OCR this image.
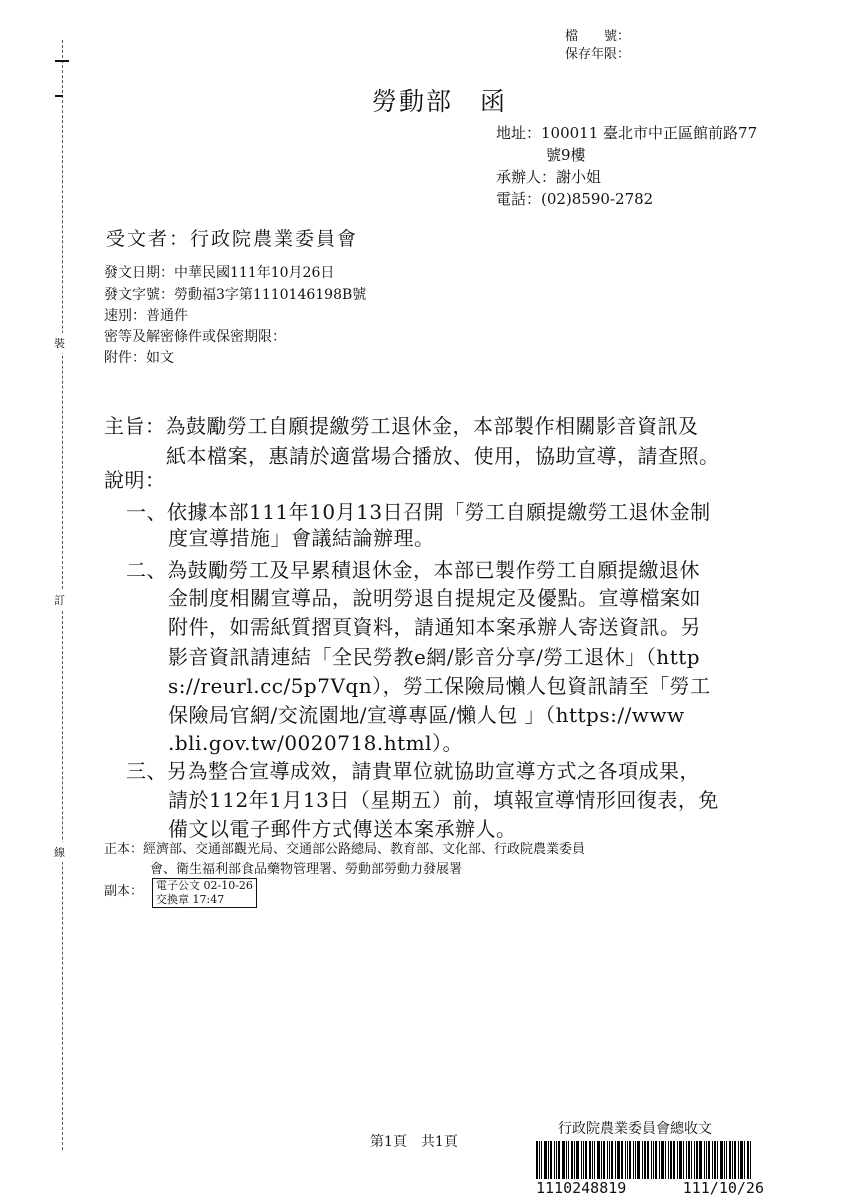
裝
訂
線
檔　　號：
保存年限：
勞動部　函
地址：100011 臺北市中正區館前路77
號9樓
承辦人：謝小姐
電話：(02)8590-2782
受文者：行政院農業委員會
發文日期：中華民國111年10月26日
發文字號：勞動福3字第1110146198B號
速別：普通件
密等及解密條件或保密期限：
附件：如文
主旨：為鼓勵勞工自願提繳勞工退休金，本部製作相關影音資訊及
紙本檔案，惠請於適當場合播放、使用，協助宣導，請查照。
說明：
一、依據本部111年10月13日召開「勞工自願提繳勞工退休金制
度宣導措施」會議結論辦理。
二、為鼓勵勞工及早累積退休金，本部已製作勞工自願提繳退休
金制度相關宣導品，說明勞退自提規定及優點。宣導檔案如
附件，如需紙質摺頁資料，請通知本案承辦人寄送資訊。另
影音資訊請連結「全民勞教e網/影音分享/勞工退休」（http
s://reurl.cc/5p7Vqn），勞工保險局懶人包資訊請至「勞工
保險局官網/交流園地/宣導專區/懶人包 」（https://www
.bli.gov.tw/0020718.html）。
三、另為整合宣導成效，請貴單位就協助宣導方式之各項成果，
請於112年1月13日（星期五）前，填報宣導情形回復表，免
備文以電子郵件方式傳送本案承辦人。
正本：經濟部、交通部觀光局、交通部公路總局、教育部、文化部、行政院農業委員
會、衛生福利部食品藥物管理署、勞動部勞動力發展署
副本： 電子公文 02-10-26
交換章 17:47
第1頁　共1頁
行政院農業委員會總收文
1110248819	111/10/26
